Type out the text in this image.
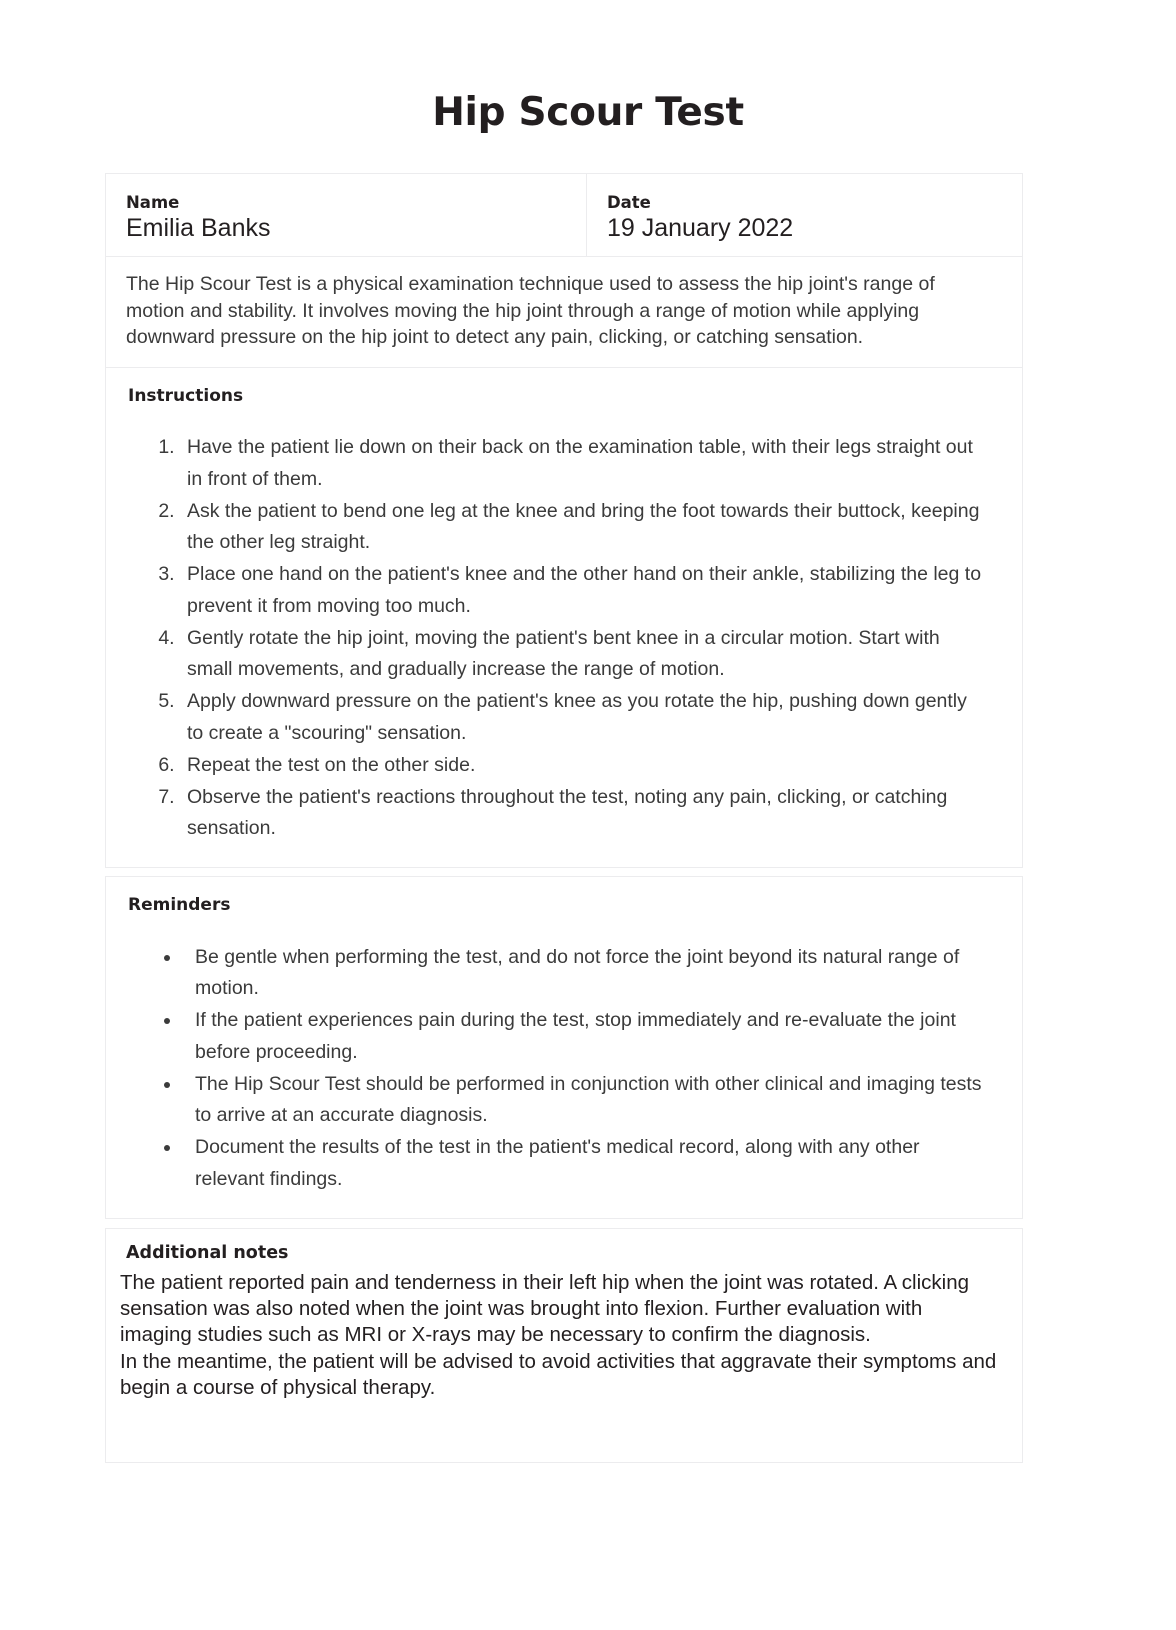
Hip Scour Test
Name
Emilia Banks
Date
19 January 2022

The Hip Scour Test is a physical examination technique used to assess the hip joint's range of motion and stability. It involves moving the hip joint through a range of motion while applying downward pressure on the hip joint to detect any pain, clicking, or catching sensation.

Instructions
1. Have the patient lie down on their back on the examination table, with their legs straight out in front of them.
2. Ask the patient to bend one leg at the knee and bring the foot towards their buttock, keeping the other leg straight.
3. Place one hand on the patient's knee and the other hand on their ankle, stabilizing the leg to prevent it from moving too much.
4. Gently rotate the hip joint, moving the patient's bent knee in a circular motion. Start with small movements, and gradually increase the range of motion.
5. Apply downward pressure on the patient's knee as you rotate the hip, pushing down gently to create a "scouring" sensation.
6. Repeat the test on the other side.
7. Observe the patient's reactions throughout the test, noting any pain, clicking, or catching sensation.
Reminders
• Be gentle when performing the test, and do not force the joint beyond its natural range of motion.
• If the patient experiences pain during the test, stop immediately and re-evaluate the joint before proceeding.
• The Hip Scour Test should be performed in conjunction with other clinical and imaging tests to arrive at an accurate diagnosis.
• Document the results of the test in the patient's medical record, along with any other relevant findings.
Additional notes

The patient reported pain and tenderness in their left hip when the joint was rotated. A clicking sensation was also noted when the joint was brought into flexion. Further evaluation with imaging studies such as MRI or X-rays may be necessary to confirm the diagnosis.

In the meantime, the patient will be advised to avoid activities that aggravate their symptoms and begin a course of physical therapy.
